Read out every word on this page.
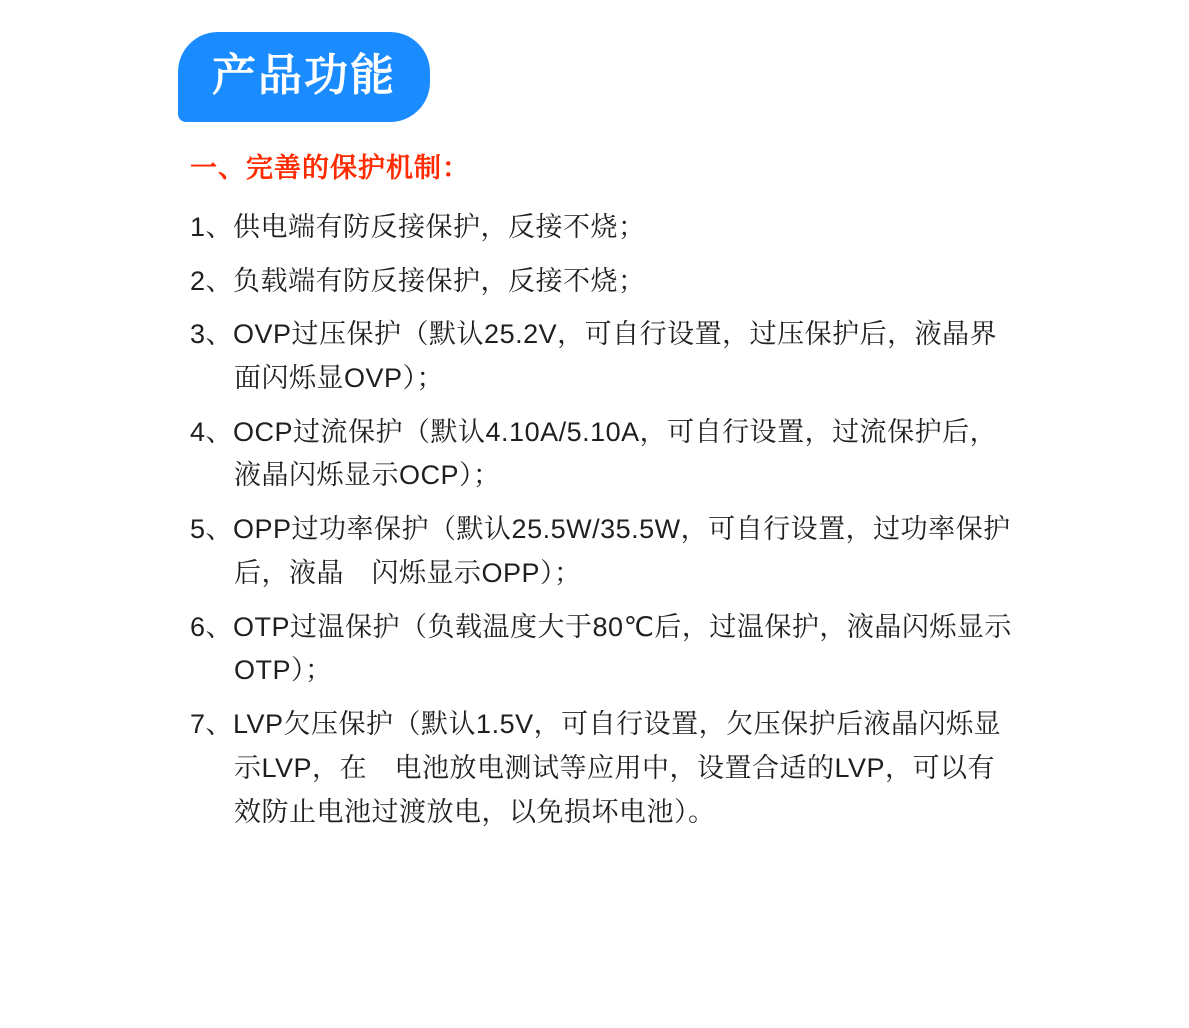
产品功能
一、完善的保护机制：

1、供电端有防反接保护，反接不烧；

2、负载端有防反接保护，反接不烧；

3、OVP过压保护（默认25.2V，可自行设置，过压保护后，液晶界面闪烁显OVP）；

4、OCP过流保护（默认4.10A/5.10A，可自行设置，过流保护后，液晶闪烁显示OCP）；

5、OPP过功率保护（默认25.5W/35.5W，可自行设置，过功率保护后，液晶　闪烁显示OPP）；

6、OTP过温保护（负载温度大于80℃后，过温保护，液晶闪烁显示OTP）；

7、LVP欠压保护（默认1.5V，可自行设置，欠压保护后液晶闪烁显示LVP，在　电池放电测试等应用中，设置合适的LVP，可以有效防止电池过渡放电，以免损坏电池）。
